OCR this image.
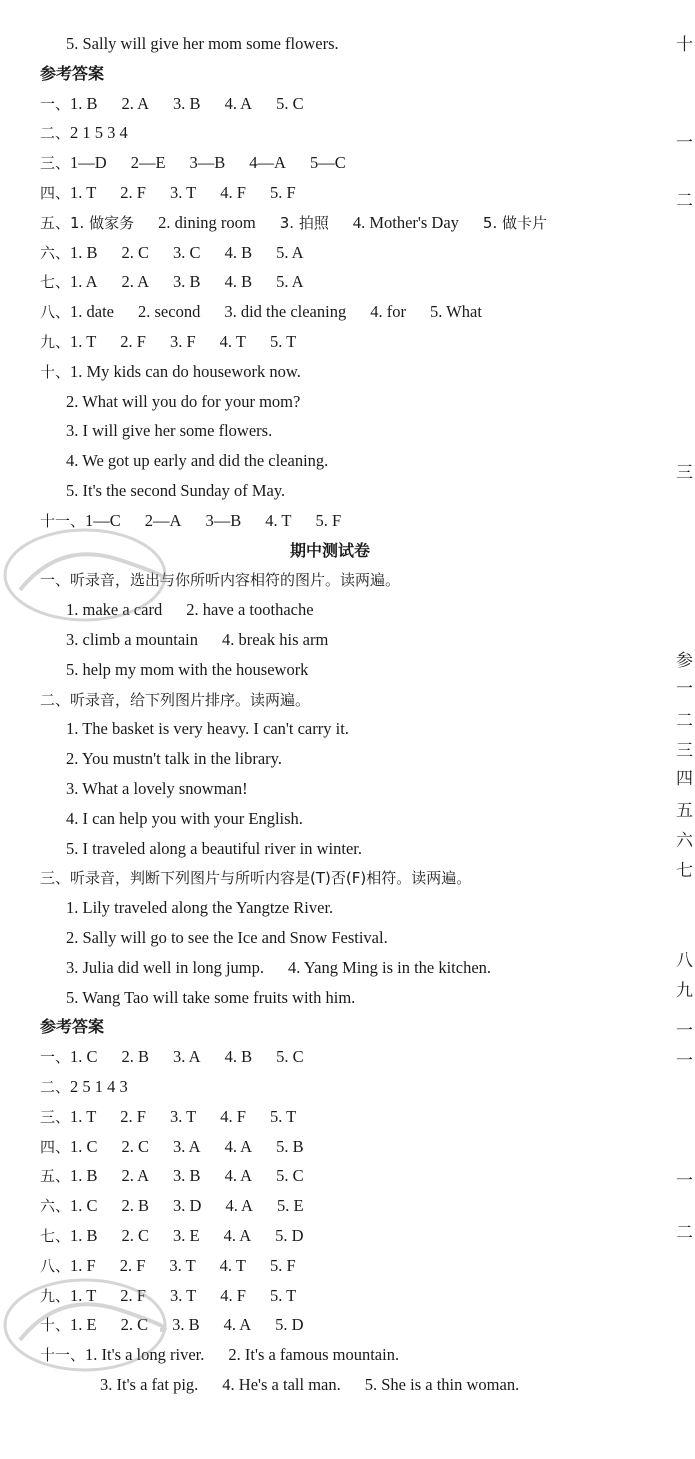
5. Sally will give her mom some flowers.
参考答案
一、1. B 2. A 3. B 4. A 5. C
二、2 1 5 3 4
三、1—D 2—E 3—B 4—A 5—C
四、1. T 2. F 3. T 4. F 5. F
五、1. 做家务 2. dining room 3. 拍照 4. Mother's Day 5. 做卡片
六、1. B 2. C 3. C 4. B 5. A
七、1. A 2. A 3. B 4. B 5. A
八、1. date 2. second 3. did the cleaning 4. for 5. What
九、1. T 2. F 3. F 4. T 5. T
十、1. My kids can do housework now.
2. What will you do for your mom?
3. I will give her some flowers.
4. We got up early and did the cleaning.
5. It's the second Sunday of May.
十一、1—C 2—A 3—B 4. T 5. F
期中测试卷
一、听录音，选出与你所听内容相符的图片。读两遍。
1. make a card 2. have a toothache
3. climb a mountain 4. break his arm
5. help my mom with the housework
二、听录音，给下列图片排序。读两遍。
1. The basket is very heavy. I can't carry it.
2. You mustn't talk in the library.
3. What a lovely snowman!
4. I can help you with your English.
5. I traveled along a beautiful river in winter.
三、听录音，判断下列图片与所听内容是(T)否(F)相符。读两遍。
1. Lily traveled along the Yangtze River.
2. Sally will go to see the Ice and Snow Festival.
3. Julia did well in long jump. 4. Yang Ming is in the kitchen.
5. Wang Tao will take some fruits with him.
参考答案
一、1. C 2. B 3. A 4. B 5. C
二、2 5 1 4 3
三、1. T 2. F 3. T 4. F 5. T
四、1. C 2. C 3. A 4. A 5. B
五、1. B 2. A 3. B 4. A 5. C
六、1. C 2. B 3. D 4. A 5. E
七、1. B 2. C 3. E 4. A 5. D
八、1. F 2. F 3. T 4. T 5. F
九、1. T 2. F 3. T 4. F 5. T
十、1. E 2. C 3. B 4. A 5. D
十一、1. It's a long river. 2. It's a famous mountain.
3. It's a fat pig. 4. He's a tall man. 5. She is a thin woman.
十
一
二
三
参
一
二
三
四
五
六
七
八
九
一
一
一
二
